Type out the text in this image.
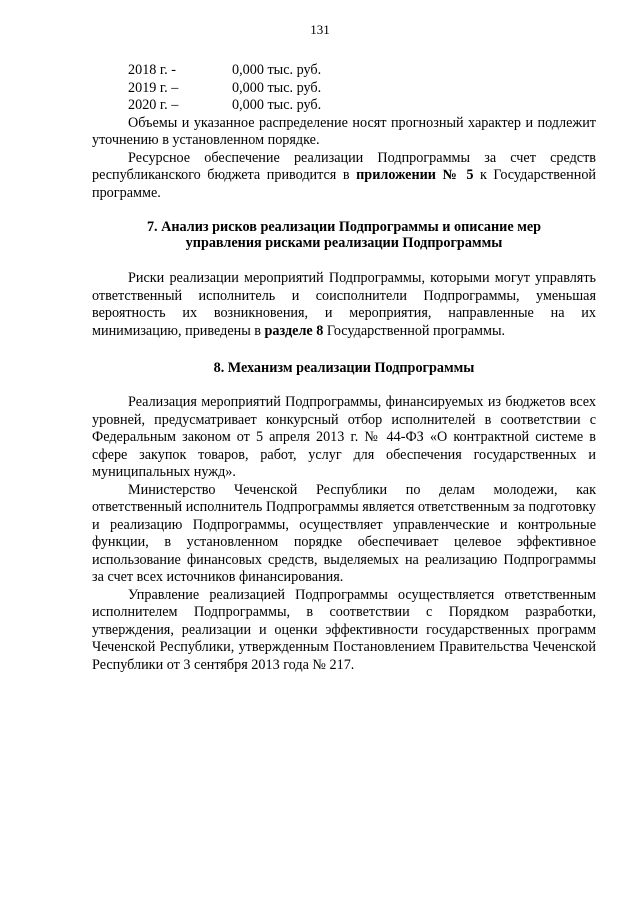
131
2018 г. -	0,000 тыс. руб.
2019 г. –	0,000 тыс. руб.
2020 г. –	0,000 тыс. руб.

Объемы и указанное распределение носят прогнозный характер и подлежит уточнению в установленном порядке.

Ресурсное обеспечение реализации Подпрограммы за счет средств республиканского бюджета приводится в приложении № 5 к Государственной программе.

7. Анализ рисков реализации Подпрограммы и описание мер
управления рисками реализации Подпрограммы

Риски реализации мероприятий Подпрограммы, которыми могут управлять ответственный исполнитель и соисполнители Подпрограммы, уменьшая вероятность их возникновения, и мероприятия, направленные на их минимизацию, приведены в разделе 8 Государственной программы.

8. Механизм реализации Подпрограммы

Реализация мероприятий Подпрограммы, финансируемых из бюджетов всех уровней, предусматривает конкурсный отбор исполнителей в соответствии с Федеральным законом от 5 апреля 2013 г. № 44-ФЗ «О контрактной системе в сфере закупок товаров, работ, услуг для обеспечения государственных и муниципальных нужд».

Министерство Чеченской Республики по делам молодежи, как ответственный исполнитель Подпрограммы является ответственным за подготовку и реализацию Подпрограммы, осуществляет управленческие и контрольные функции, в установленном порядке обеспечивает целевое эффективное использование финансовых средств, выделяемых на реализацию Подпрограммы за счет всех источников финансирования.

Управление реализацией Подпрограммы осуществляется ответственным исполнителем Подпрограммы, в соответствии с Порядком разработки, утверждения, реализации и оценки эффективности государственных программ Чеченской Республики, утвержденным Постановлением Правительства Чеченской Республики от 3 сентября 2013 года № 217.
